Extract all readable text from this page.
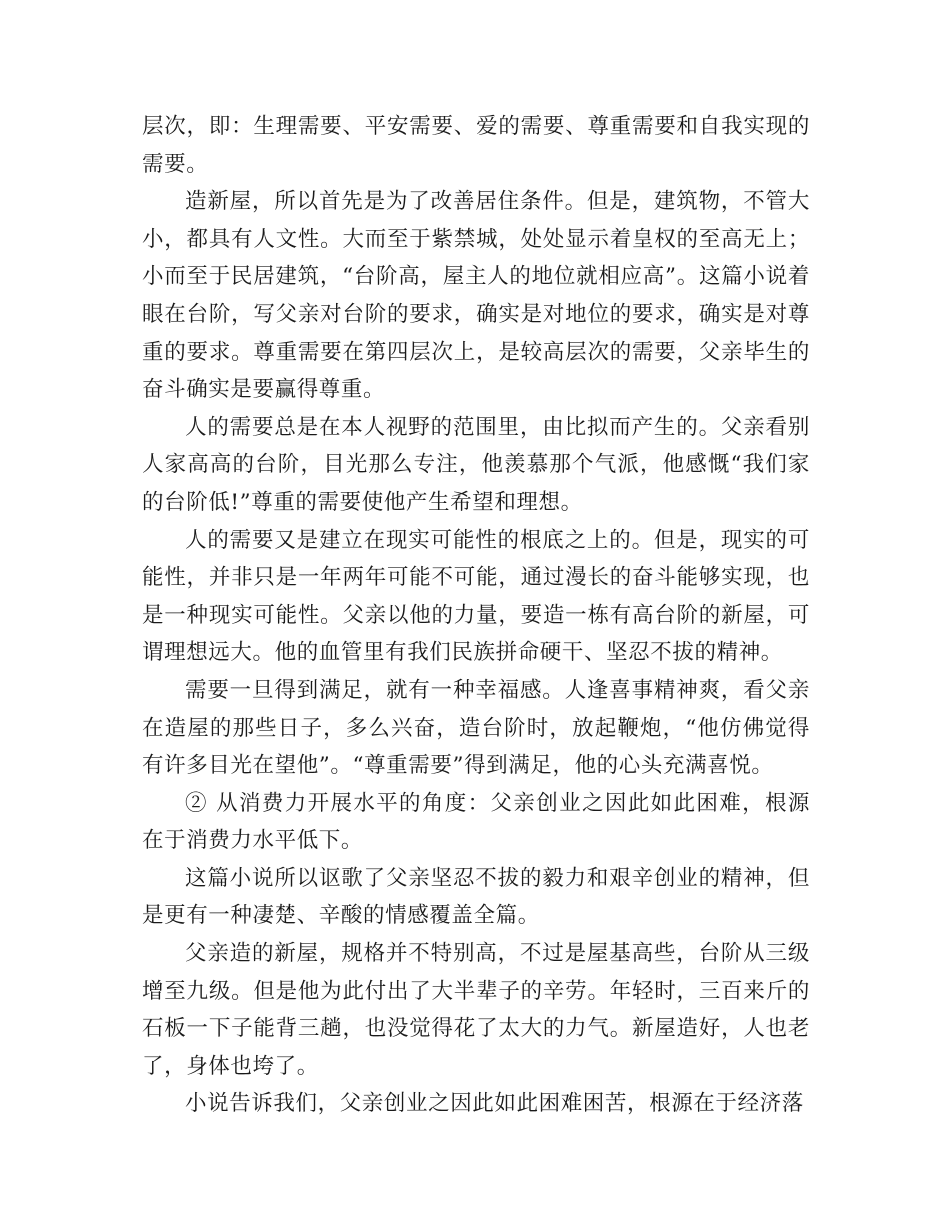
层次，即：生理需要、平安需要、爱的需要、尊重需要和自我实现的需要。

造新屋，所以首先是为了改善居住条件。但是，建筑物，不管大小，都具有人文性。大而至于紫禁城，处处显示着皇权的至高无上；小而至于民居建筑，“台阶高，屋主人的地位就相应高”。这篇小说着眼在台阶，写父亲对台阶的要求，确实是对地位的要求，确实是对尊重的要求。尊重需要在第四层次上，是较高层次的需要，父亲毕生的奋斗确实是要赢得尊重。

人的需要总是在本人视野的范围里，由比拟而产生的。父亲看别人家高高的台阶，目光那么专注，他羡慕那个气派，他感慨“我们家的台阶低!”尊重的需要使他产生希望和理想。

人的需要又是建立在现实可能性的根底之上的。但是，现实的可能性，并非只是一年两年可能不可能，通过漫长的奋斗能够实现，也是一种现实可能性。父亲以他的力量，要造一栋有高台阶的新屋，可谓理想远大。他的血管里有我们民族拼命硬干、坚忍不拔的精神。

需要一旦得到满足，就有一种幸福感。人逢喜事精神爽，看父亲在造屋的那些日子，多么兴奋，造台阶时，放起鞭炮，“他仿佛觉得有许多目光在望他”。“尊重需要”得到满足，他的心头充满喜悦。

② 从消费力开展水平的角度：父亲创业之因此如此困难，根源在于消费力水平低下。

这篇小说所以讴歌了父亲坚忍不拔的毅力和艰辛创业的精神，但是更有一种凄楚、辛酸的情感覆盖全篇。

父亲造的新屋，规格并不特别高，不过是屋基高些，台阶从三级增至九级。但是他为此付出了大半辈子的辛劳。年轻时，三百来斤的石板一下子能背三趟，也没觉得花了太大的力气。新屋造好，人也老了，身体也垮了。

小说告诉我们，父亲创业之因此如此困难困苦，根源在于经济落
